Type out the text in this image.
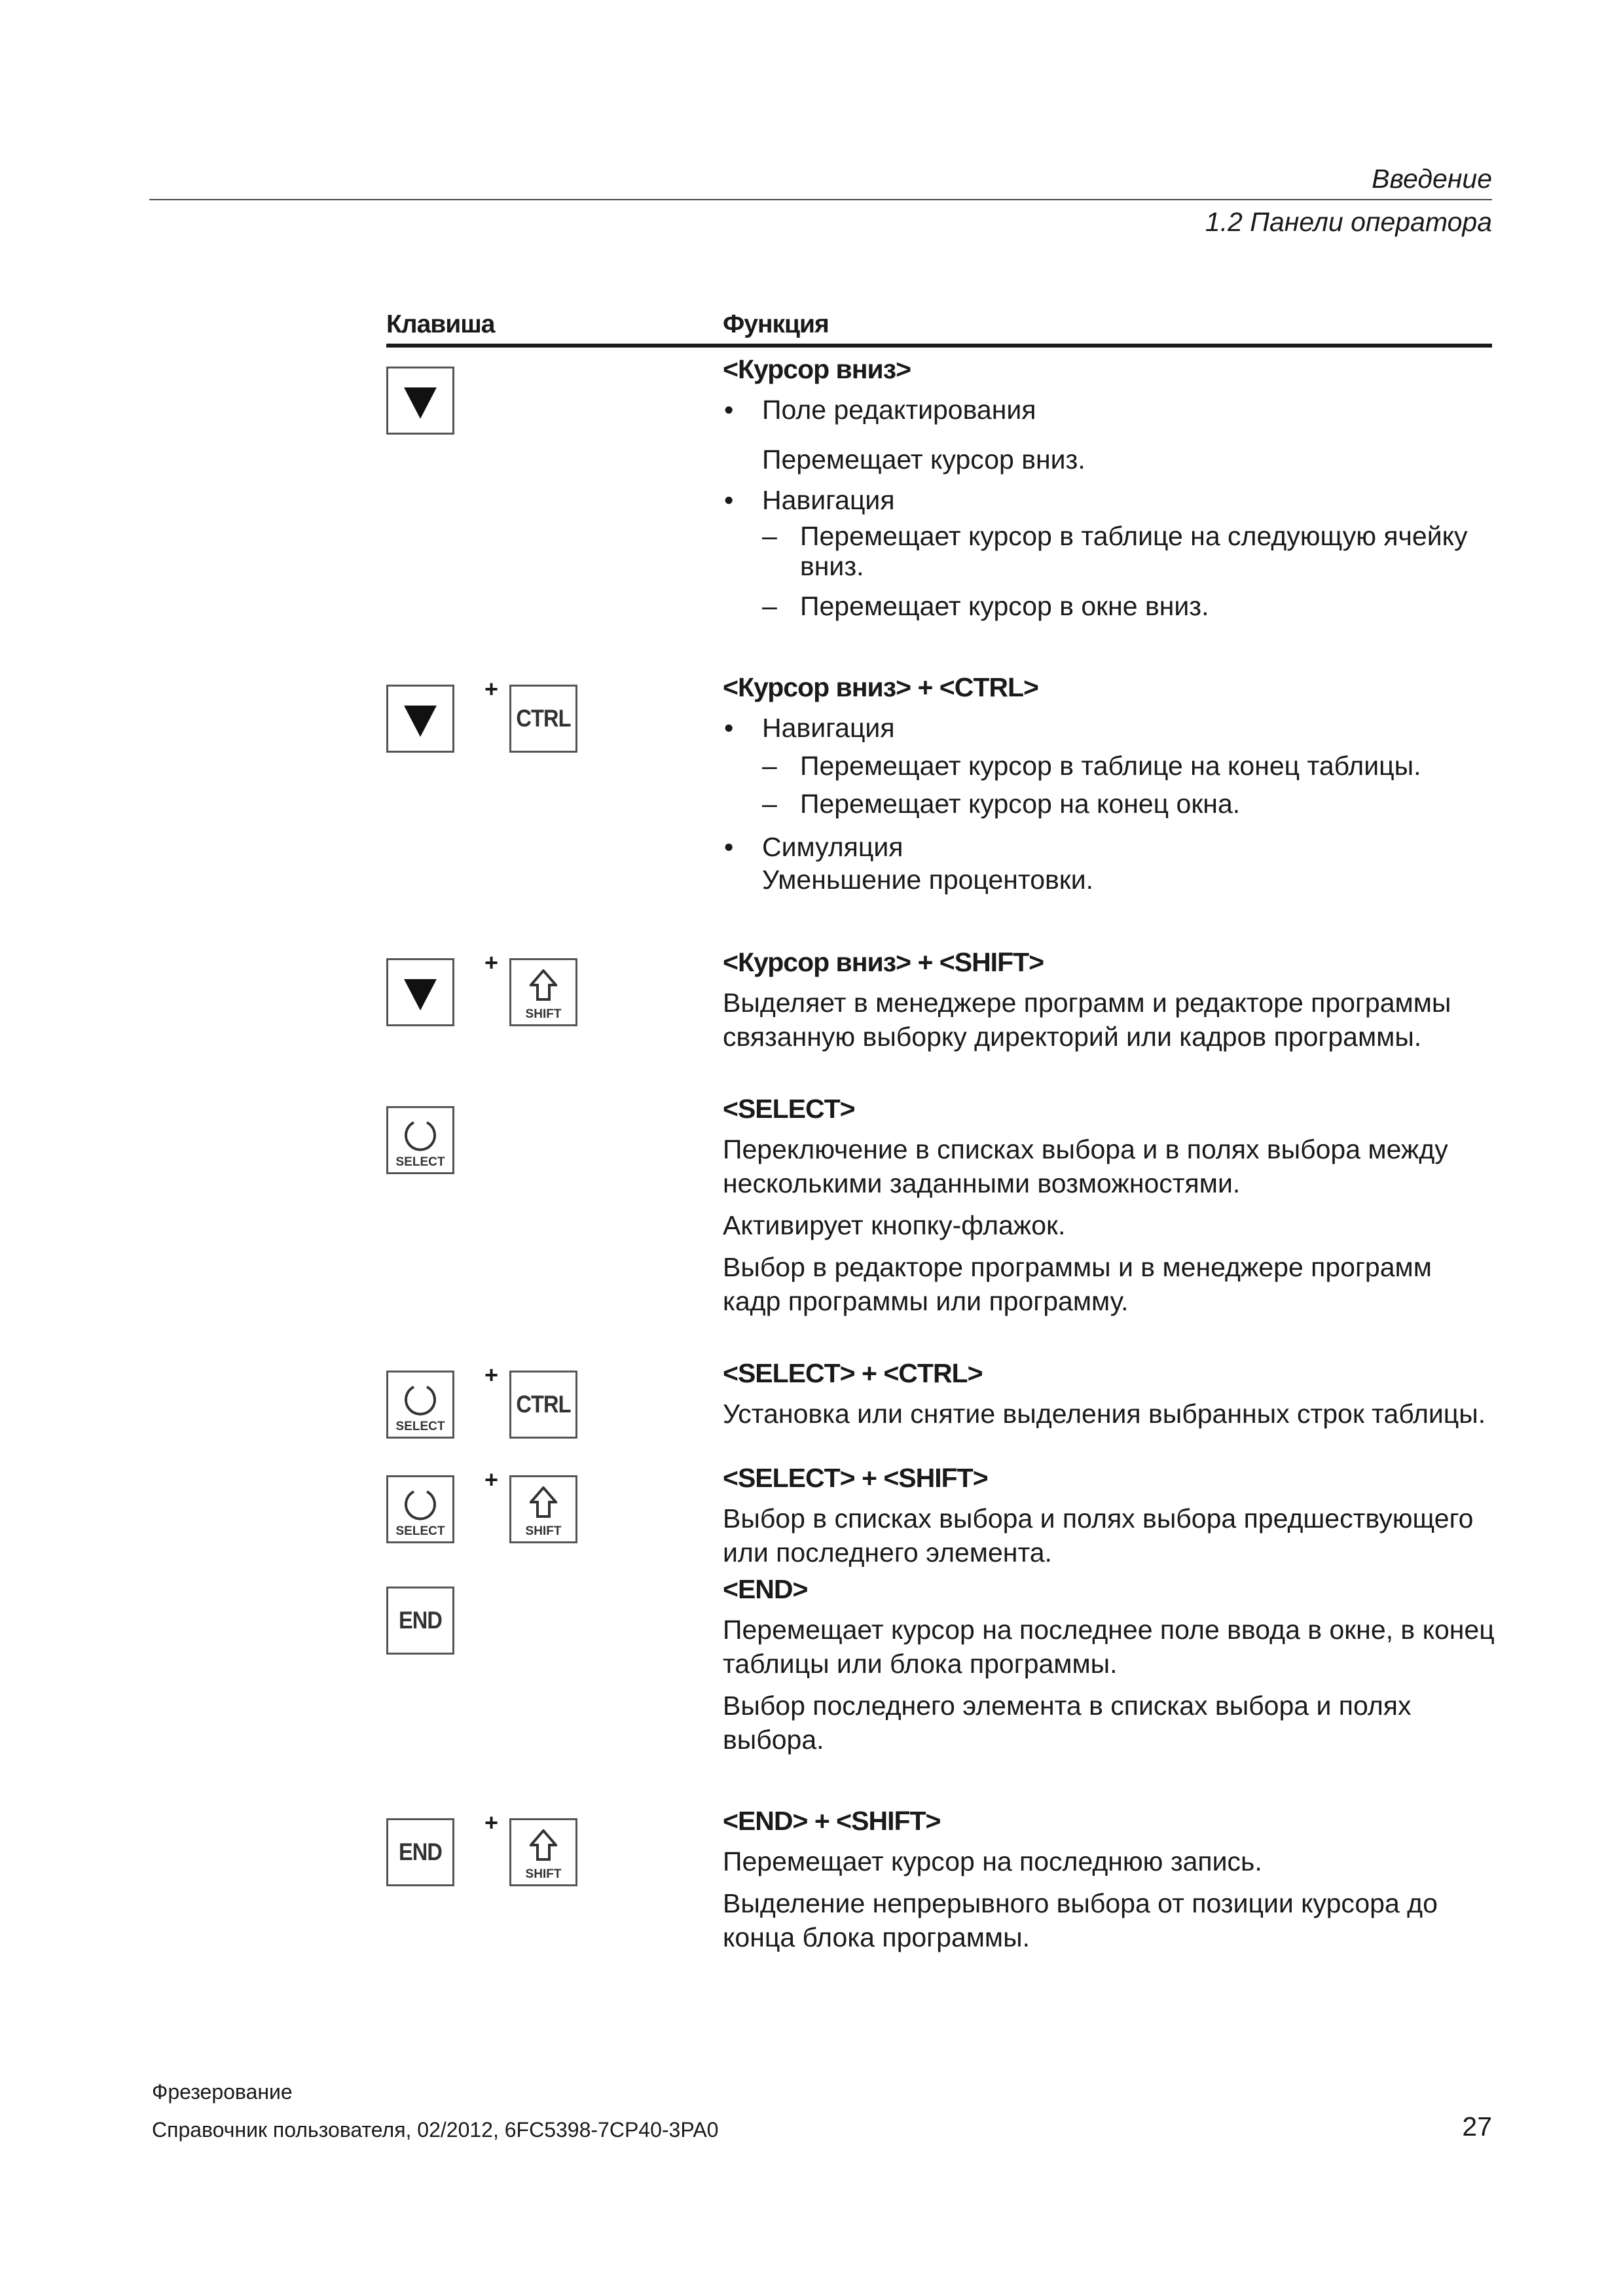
Введение
1.2 Панели оператора
Клавиша	Функция
<Курсор вниз>
• Поле редактирования
Перемещает курсор вниз.
• Навигация
– Перемещает курсор в таблице на следующую ячейку вниз.
– Перемещает курсор в окне вниз.
+
CTRL
<Курсор вниз> + <CTRL>
• Навигация
– Перемещает курсор в таблице на конец таблицы.
– Перемещает курсор на конец окна.
• Симуляция
Уменьшение процентовки.
+
SHIFT
<Курсор вниз> + <SHIFT>
Выделяет в менеджере программ и редакторе программы связанную выборку директорий или кадров программы.
SELECT
<SELECT>
Переключение в списках выбора и в полях выбора между несколькими заданными возможностями.
Активирует кнопку-флажок.
Выбор в редакторе программы и в менеджере программ кадр программы или программу.
SELECT
+
CTRL
<SELECT> + <CTRL>
Установка или снятие выделения выбранных строк таблицы.
SELECT
+
SHIFT
<SELECT> + <SHIFT>
Выбор в списках выбора и полях выбора предшествующего или последнего элемента.
END
<END>
Перемещает курсор на последнее поле ввода в окне, в конец таблицы или блока программы.
Выбор последнего элемента в списках выбора и полях выбора.
END
+
SHIFT
<END> + <SHIFT>
Перемещает курсор на последнюю запись.
Выделение непрерывного выбора от позиции курсора до конца блока программы.
Фрезерование
Справочник пользователя, 02/2012, 6FC5398-7CP40-3PA0	27
